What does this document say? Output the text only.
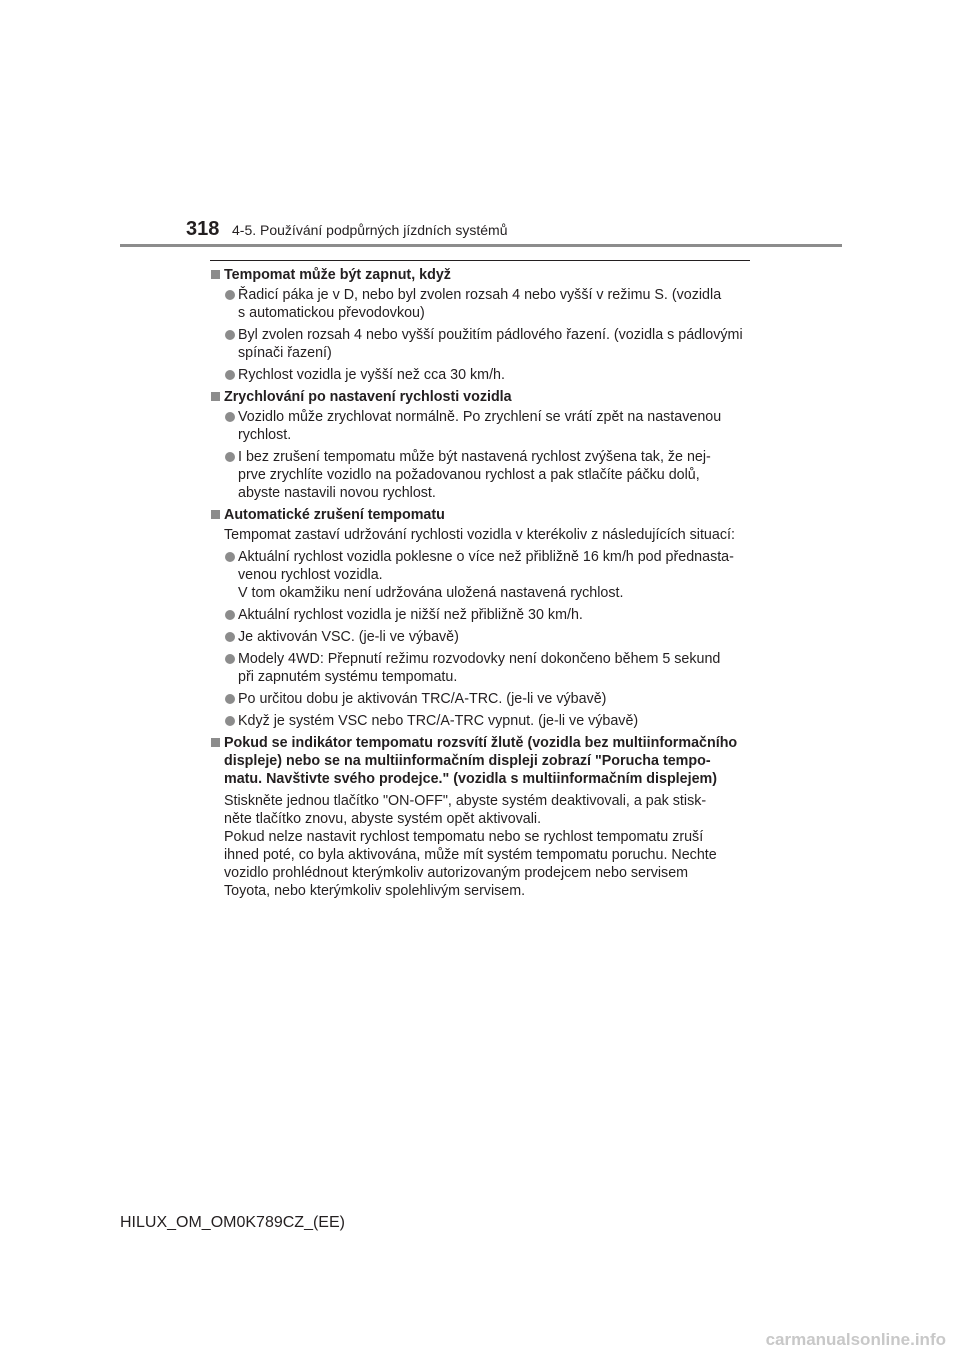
318 4-5. Používání podpůrných jízdních systémů
Tempomat může být zapnut, když
Řadicí páka je v D, nebo byl zvolen rozsah 4 nebo vyšší v režimu S. (vozidla
s automatickou převodovkou)
Byl zvolen rozsah 4 nebo vyšší použitím pádlového řazení. (vozidla s pádlovými
spínači řazení)
Rychlost vozidla je vyšší než cca 30 km/h.
Zrychlování po nastavení rychlosti vozidla
Vozidlo může zrychlovat normálně. Po zrychlení se vrátí zpět na nastavenou
rychlost.
I bez zrušení tempomatu může být nastavená rychlost zvýšena tak, že nej-
prve zrychlíte vozidlo na požadovanou rychlost a pak stlačíte páčku dolů,
abyste nastavili novou rychlost.
Automatické zrušení tempomatu
Tempomat zastaví udržování rychlosti vozidla v kterékoliv z následujících situací:
Aktuální rychlost vozidla poklesne o více než přibližně 16 km/h pod přednasta-
venou rychlost vozidla.
V tom okamžiku není udržována uložená nastavená rychlost.
Aktuální rychlost vozidla je nižší než přibližně 30 km/h.
Je aktivován VSC. (je-li ve výbavě)
Modely 4WD: Přepnutí režimu rozvodovky není dokončeno během 5 sekund
při zapnutém systému tempomatu.
Po určitou dobu je aktivován TRC/A-TRC. (je-li ve výbavě)
Když je systém VSC nebo TRC/A-TRC vypnut. (je-li ve výbavě)
Pokud se indikátor tempomatu rozsvítí žlutě (vozidla bez multiinformačního
displeje) nebo se na multiinformačním displeji zobrazí "Porucha tempo-
matu. Navštivte svého prodejce." (vozidla s multiinformačním displejem)
Stiskněte jednou tlačítko "ON-OFF", abyste systém deaktivovali, a pak stisk-
něte tlačítko znovu, abyste systém opět aktivovali.
Pokud nelze nastavit rychlost tempomatu nebo se rychlost tempomatu zruší
ihned poté, co byla aktivována, může mít systém tempomatu poruchu. Nechte
vozidlo prohlédnout kterýmkoliv autorizovaným prodejcem nebo servisem
Toyota, nebo kterýmkoliv spolehlivým servisem.
HILUX_OM_OM0K789CZ_(EE)
carmanualsonline.info
